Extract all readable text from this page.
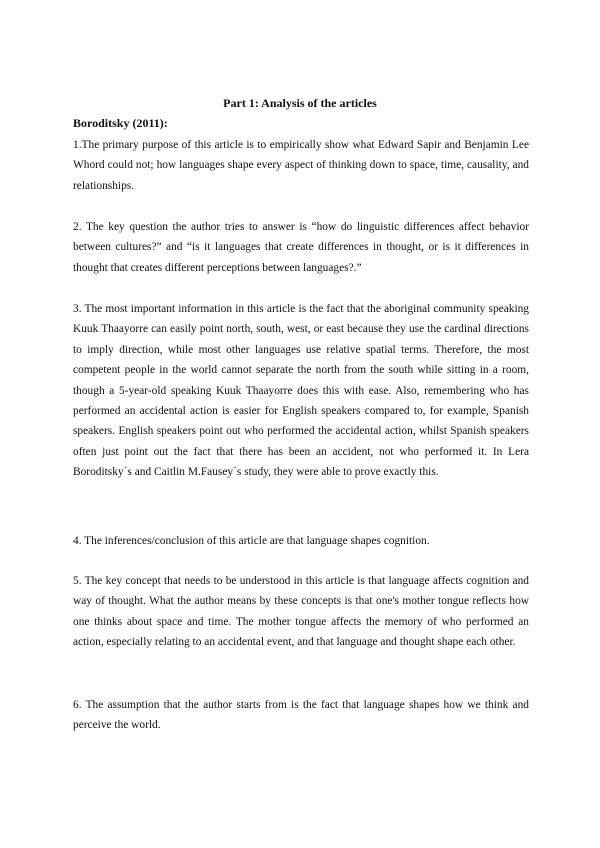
Part 1: Analysis of the articles
Boroditsky (2011):

1.The primary purpose of this article is to empirically show what Edward Sapir and Benjamin Lee Whord could not; how languages shape every aspect of thinking down to space, time, causality, and relationships.

2. The key question the author tries to answer is “how do linguistic differences affect behavior between cultures?” and “is it languages that create differences in thought, or is it differences in thought that creates different perceptions between languages?.”

3. The most important information in this article is the fact that the aboriginal community speaking Kuuk Thaayorre can easily point north, south, west, or east because they use the cardinal directions to imply direction, while most other languages use relative spatial terms. Therefore, the most competent people in the world cannot separate the north from the south while sitting in a room, though a 5-year-old speaking Kuuk Thaayorre does this with ease. Also, remembering who has performed an accidental action is easier for English speakers compared to, for example, Spanish speakers. English speakers point out who performed the accidental action, whilst Spanish speakers often just point out the fact that there has been an accident, not who performed it. In Lera Boroditsky´s and Caitlin M.Fausey´s study, they were able to prove exactly this.

4. The inferences/conclusion of this article are that language shapes cognition.

5. The key concept that needs to be understood in this article is that language affects cognition and way of thought. What the author means by these concepts is that one's mother tongue reflects how one thinks about space and time. The mother tongue affects the memory of who performed an action, especially relating to an accidental event, and that language and thought shape each other.

6. The assumption that the author starts from is the fact that language shapes how we think and perceive the world.
